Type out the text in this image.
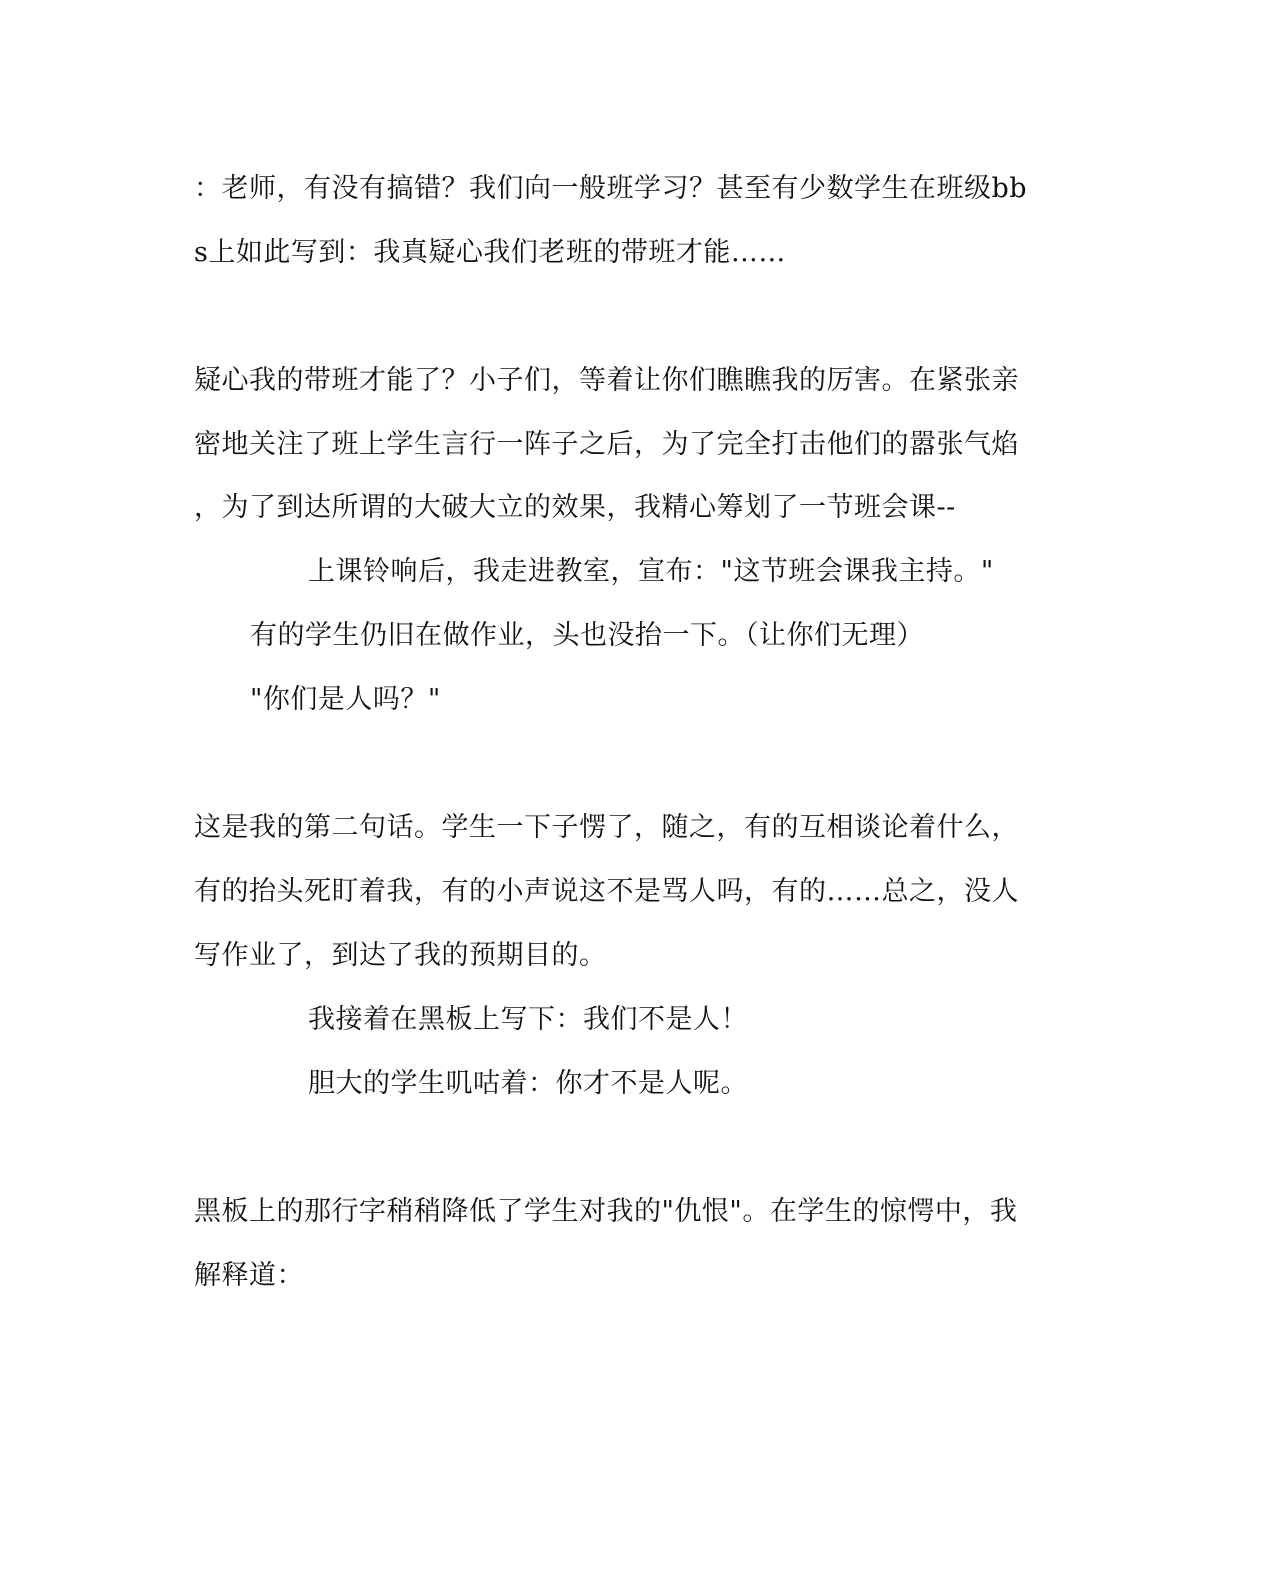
：老师，有没有搞错？我们向一般班学习？甚至有少数学生在班级bb
s上如此写到：我真疑心我们老班的带班才能……
疑心我的带班才能了？小子们，等着让你们瞧瞧我的厉害。在紧张亲
密地关注了班上学生言行一阵子之后，为了完全打击他们的嚣张气焰
，为了到达所谓的大破大立的效果，我精心筹划了一节班会课--
上课铃响后，我走进教室，宣布："这节班会课我主持。"
有的学生仍旧在做作业，头也没抬一下。（让你们无理）
"你们是人吗？"
这是我的第二句话。学生一下子愣了，随之，有的互相谈论着什么，
有的抬头死盯着我，有的小声说这不是骂人吗，有的……总之，没人
写作业了，到达了我的预期目的。
我接着在黑板上写下：我们不是人！
胆大的学生叽咕着：你才不是人呢。
黑板上的那行字稍稍降低了学生对我的"仇恨"。在学生的惊愕中，我
解释道：
